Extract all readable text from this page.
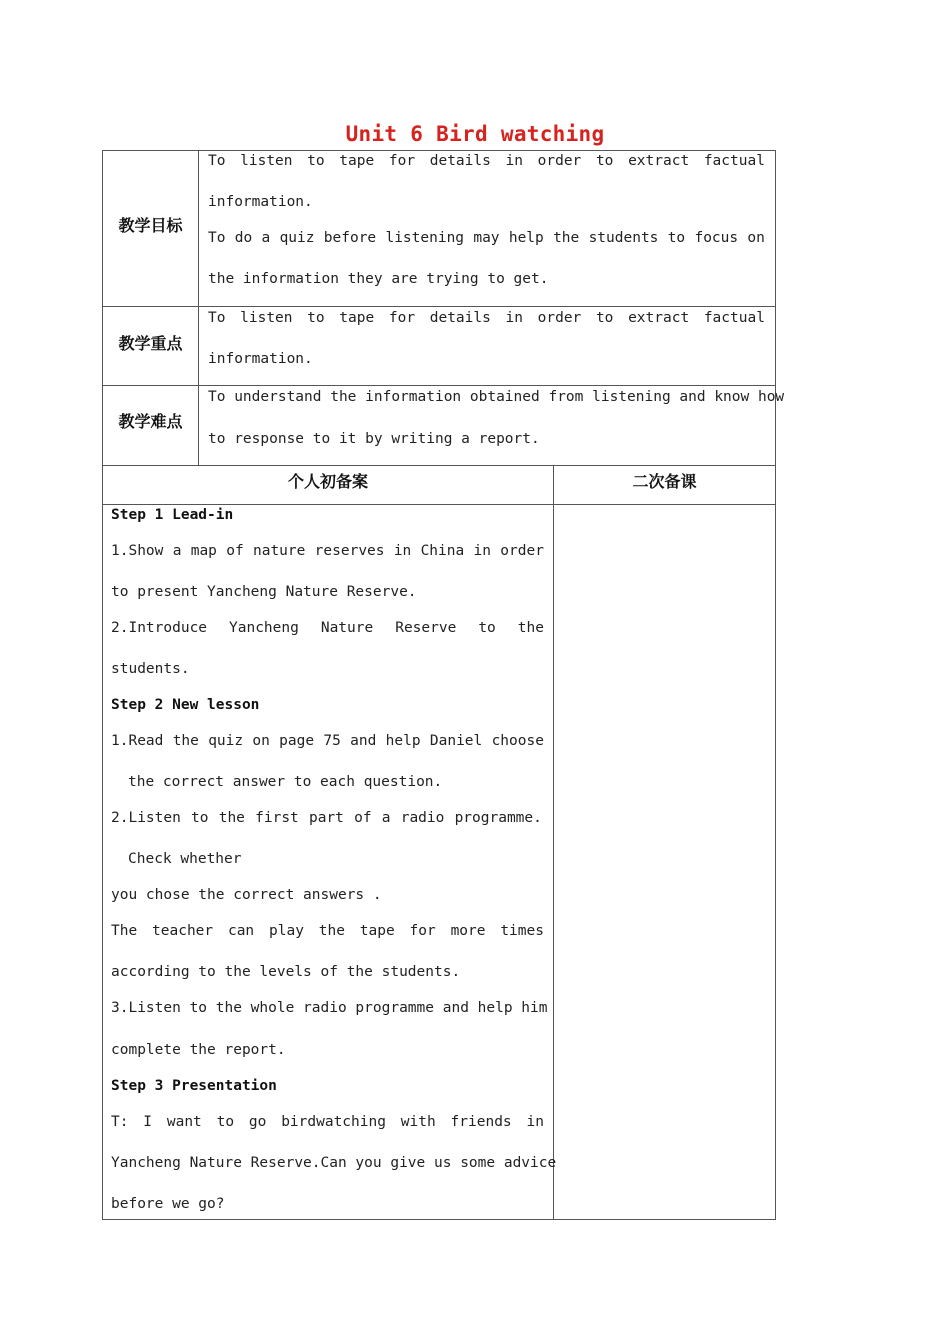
Unit 6 Bird watching
教学目标
To listen to tape for details in order to extract factual
information.
To do a quiz before listening may help the students to focus on
the information they are trying to get.
教学重点
To listen to tape for details in order to extract factual
information.
教学难点
To understand the information obtained from listening and know how
to response to it by writing a report.
个人初备案	二次备课
Step 1 Lead-in
1.Show a map of nature reserves in China in order
to present Yancheng Nature Reserve.
2.Introduce Yancheng Nature Reserve to the
students.
Step 2 New lesson
1.Read the quiz on page 75 and help Daniel choose
the correct answer to each question.
2.Listen to the first part of a radio programme.
Check whether
you chose the correct answers .
The teacher can play the tape for more times
according to the levels of the students.
3.Listen to the whole radio programme and help him
complete the report.
Step 3 Presentation
T: I want to go birdwatching with friends in
Yancheng Nature Reserve.Can you give us some advice
before we go?
